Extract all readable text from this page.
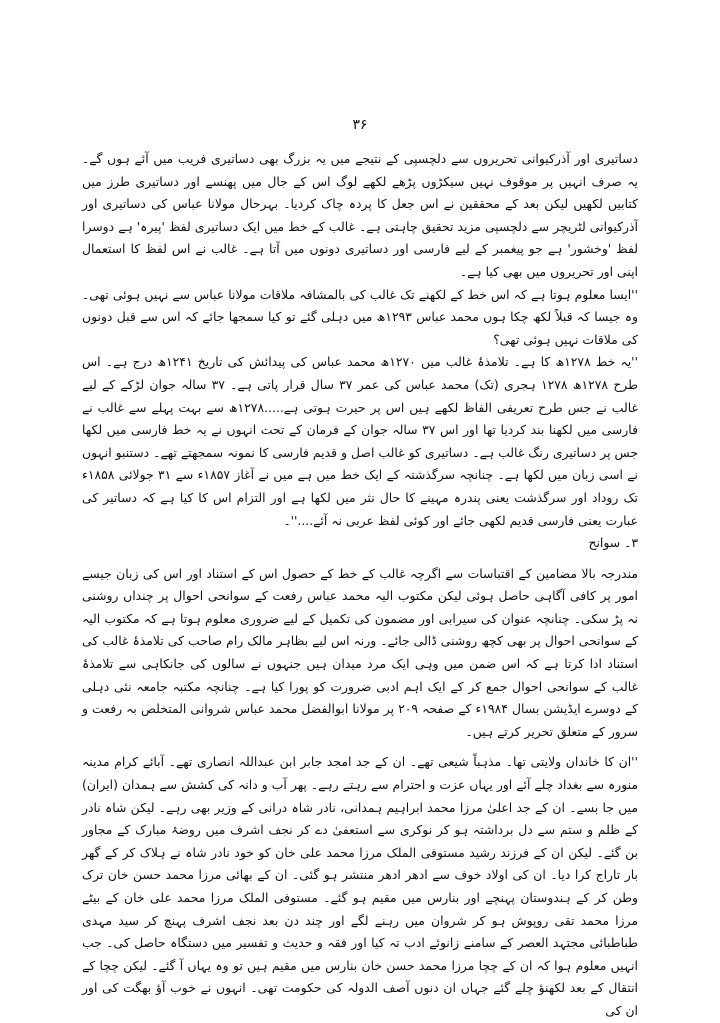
۳۶

دساتیری اور آذرکیوانی تحریروں سے دلچسپی کے نتیجے میں یہ بزرگ بھی دساتیری فریب میں آئے ہوں گے۔ یہ صرف انہیں پر موقوف نہیں سیکڑوں پڑھے لکھے لوگ اس کے جال میں پھنسے اور دساتیری طرز میں کتابیں لکھیں لیکن بعد کے محققین نے اس جعل کا پردہ چاک کردیا۔ بہرحال مولانا عباس کی دساتیری اور آذرکیوانی لٹریچر سے دلچسپی مزید تحقیق چاہتی ہے۔ غالب کے خط میں ایک دساتیری لفظ 'پیرہ' ہے دوسرا لفظ 'وخشور' ہے جو پیغمبر کے لیے فارسی اور دساتیری دونوں میں آتا ہے۔ غالب نے اس لفظ کا استعمال اپنی اور تحریروں میں بھی کیا ہے۔

''ایسا معلوم ہوتا ہے کہ اس خط کے لکھنے تک غالب کی بالمشافہ ملاقات مولانا عباس سے نہیں ہوئی تھی۔ وہ جیسا کہ قبلاً لکھ چکا ہوں محمد عباس ۱۲۹۳ھ میں دہلی گئے تو کیا سمجھا جائے کہ اس سے قبل دونوں کی ملاقات نہیں ہوئی تھی؟

''یہ خط ۱۲۷۸ھ کا ہے۔ تلامذۂ غالب میں ۱۲۷۰ھ محمد عباس کی پیدائش کی تاریخ ۱۲۴۱ھ درج ہے۔ اس طرح ۱۲۷۸ھ ۱۲۷۸ ہجری (تک) محمد عباس کی عمر ۳۷ سال قرار پاتی ہے۔ ۳۷ سالہ جوان لڑکے کے لیے غالب نے جس طرح تعریفی الفاظ لکھے ہیں اس پر حیرت ہوتی ہے.....۱۲۷۸ھ سے بہت پہلے سے غالب نے فارسی میں لکھنا بند کردیا تھا اور اس ۳۷ سالہ جوان کے فرمان کے تحت انہوں نے یہ خط فارسی میں لکھا جس پر دساتیری رنگ غالب ہے۔ دساتیری کو غالب اصل و قدیم فارسی کا نمونہ سمجھتے تھے۔ دستنبو انہوں نے اسی زبان میں لکھا ہے۔ چنانچہ سرگذشتہ کے ایک خط میں ہے میں نے آغاز ۱۸۵۷ء سے ۳۱ جولائی ۱۸۵۸ء تک روداد اور سرگذشت یعنی پندرہ مہینے کا حال نثر میں لکھا ہے اور التزام اس کا کیا ہے کہ دساتیر کی عبارت یعنی فارسی قدیم لکھی جائے اور کوئی لفظ عربی نہ آئے....''۔

۳۔ سوانح

مندرجہ بالا مضامین کے اقتباسات سے اگرچہ غالب کے خط کے حصول اس کے استناد اور اس کی زبان جیسے امور پر کافی آگاہی حاصل ہوئی لیکن مکتوب الیہ محمد عباس رفعت کے سوانحی احوال پر چنداں روشنی نہ پڑ سکی۔ چنانچہ عنوان کی سیرابی اور مضمون کی تکمیل کے لیے ضروری معلوم ہوتا ہے کہ مکتوب الیہ کے سوانحی احوال پر بھی کچھ روشنی ڈالی جائے۔ ورنہ اس لیے بظاہر مالک رام صاحب کی تلامذۂ غالب کی استناد ادا کرتا ہے کہ اس ضمن میں وہی ایک مرد میدان ہیں جنہوں نے سالوں کی جانکاہی سے تلامذۂ غالب کے سوانحی احوال جمع کر کے ایک اہم ادبی ضرورت کو پورا کیا ہے۔ چنانچہ مکتبہ جامعہ نئی دہلی کے دوسرے ایڈیشن بسال ۱۹۸۴ء کے صفحہ ۲۰۹ پر مولانا ابوالفضل محمد عباس شروانی المتخلص بہ رفعت و سرور کے متعلق تحریر کرتے ہیں۔

''ان کا خاندان ولایتی تھا۔ مذہباً شیعی تھے۔ ان کے جد امجد جابر ابن عبداللہ انصاری تھے۔ آبائے کرام مدینہ منورہ سے بغداد چلے آئے اور یہاں عزت و احترام سے رہتے رہے۔ پھر آب و دانہ کی کشش سے ہمدان (ایران) میں جا بسے۔ ان کے جد اعلیٰ مرزا محمد ابراہیم ہمدانی، نادر شاہ درانی کے وزیر بھی رہے۔ لیکن شاہ نادر کے ظلم و ستم سے دل برداشتہ ہو کر نوکری سے استعفیٰ دے کر نجف اشرف میں روضۂ مبارک کے مجاور بن گئے۔ لیکن ان کے فرزند رشید مستوفی الملک مرزا محمد علی خان کو خود نادر شاہ نے ہلاک کر کے گھر بار تاراج کرا دیا۔ ان کی اولاد خوف سے ادھر ادھر منتشر ہو گئی۔ ان کے بھائی مرزا محمد حسن خان ترک وطن کر کے ہندوستان پہنچے اور بنارس میں مقیم ہو گئے۔ مستوفی الملک مرزا محمد علی خان کے بیٹے مرزا محمد تقی روپوش ہو کر شروان میں رہنے لگے اور چند دن بعد نجف اشرف پہنچ کر سید مہدی طباطبائی مجتہد العصر کے سامنے زانوئے ادب تہ کیا اور فقہ و حدیث و تفسیر میں دستگاہ حاصل کی۔ جب انہیں معلوم ہوا کہ ان کے چچا مرزا محمد حسن خان بنارس میں مقیم ہیں تو وہ یہاں آ گئے۔ لیکن چچا کے انتقال کے بعد لکھنؤ چلے گئے جہاں ان دنوں آصف الدولہ کی حکومت تھی۔ انہوں نے خوب آؤ بھگت کی اور ان کی
